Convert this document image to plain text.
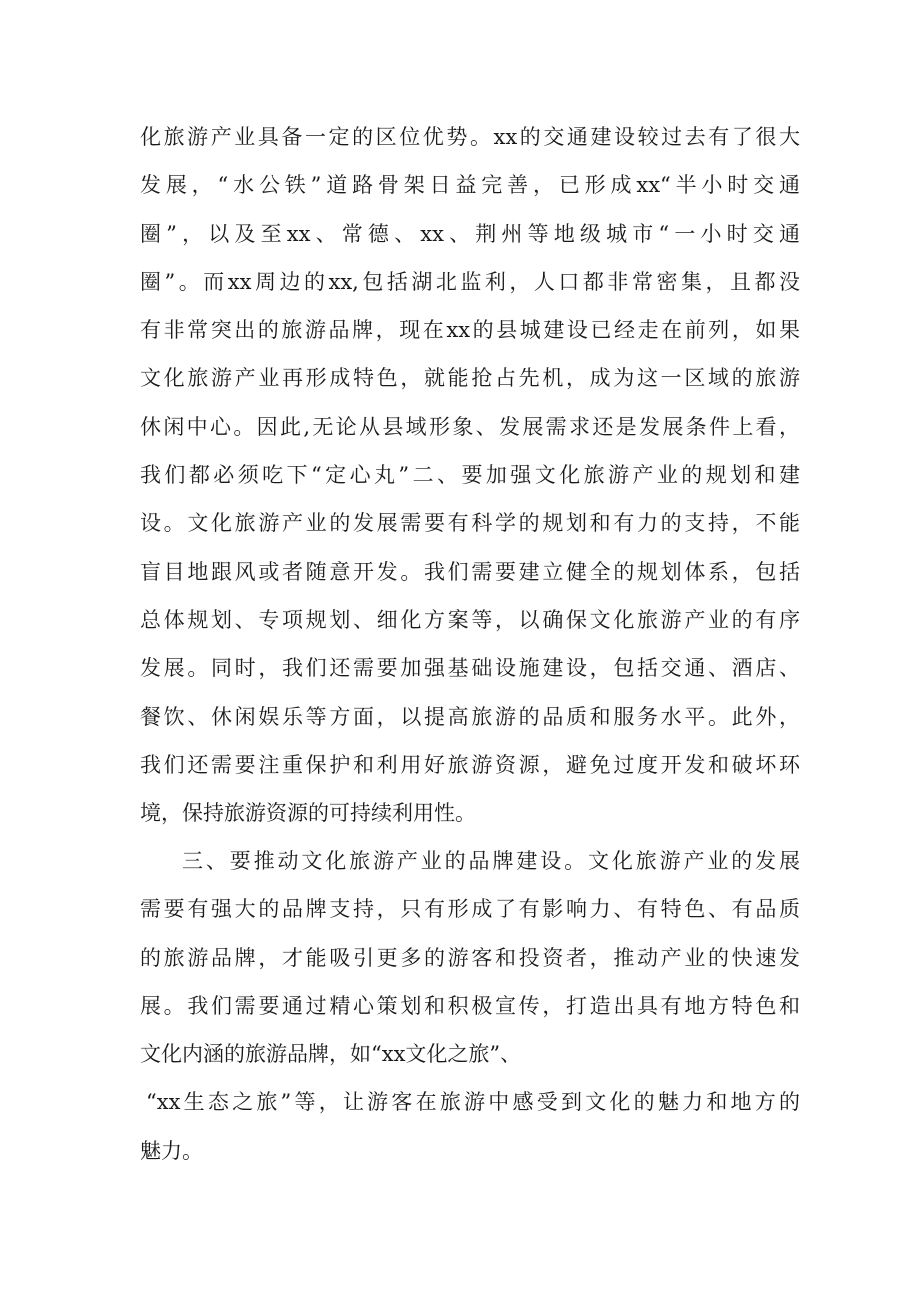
化旅游产业具备一定的区位优势。xx的交通建设较过去有了很大
发展，“水公铁”道路骨架日益完善，已形成xx“半小时交通
圈”，以及至xx、常德、xx、荆州等地级城市“一小时交通
圈”。而xx周边的xx,包括湖北监利，人口都非常密集，且都没
有非常突出的旅游品牌，现在xx的县城建设已经走在前列，如果
文化旅游产业再形成特色，就能抢占先机，成为这一区域的旅游
休闲中心。因此,无论从县域形象、发展需求还是发展条件上看，
我们都必须吃下“定心丸”二、要加强文化旅游产业的规划和建
设。文化旅游产业的发展需要有科学的规划和有力的支持，不能
盲目地跟风或者随意开发。我们需要建立健全的规划体系，包括
总体规划、专项规划、细化方案等，以确保文化旅游产业的有序
发展。同时，我们还需要加强基础设施建设，包括交通、酒店、
餐饮、休闲娱乐等方面，以提高旅游的品质和服务水平。此外，
我们还需要注重保护和利用好旅游资源，避免过度开发和破坏环
境，保持旅游资源的可持续利用性。
三、要推动文化旅游产业的品牌建设。文化旅游产业的发展
需要有强大的品牌支持，只有形成了有影响力、有特色、有品质
的旅游品牌，才能吸引更多的游客和投资者，推动产业的快速发
展。我们需要通过精心策划和积极宣传，打造出具有地方特色和
文化内涵的旅游品牌，如“xx文化之旅”、
“xx生态之旅”等，让游客在旅游中感受到文化的魅力和地方的
魅力。
